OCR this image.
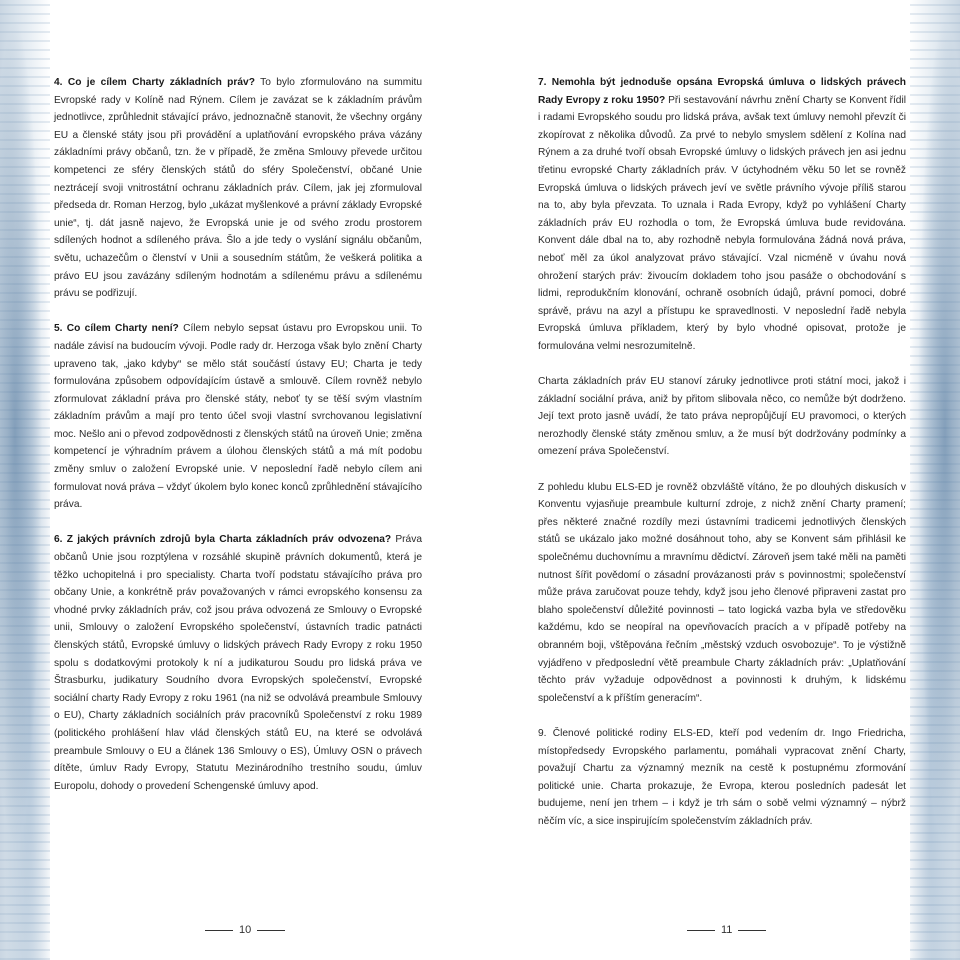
4. Co je cílem Charty základních práv? To bylo zformulováno na summitu Evropské rady v Kolíně nad Rýnem. Cílem je zavázat se k základním právům jednotlivce, zprůhlednit stávající právo, jednoznačně stanovit, že všechny orgány EU a členské státy jsou při provádění a uplatňování evropského práva vázány základními právy občanů, tzn. že v případě, že změna Smlouvy převede určitou kompetenci ze sféry členských států do sféry Společenství, občané Unie neztrácejí svoji vnitrostátní ochranu základních práv. Cílem, jak jej zformuloval předseda dr. Roman Herzog, bylo „ukázat myšlenkové a právní základy Evropské unie“, tj. dát jasně najevo, že Evropská unie je od svého zrodu prostorem sdílených hodnot a sdíleného práva. Šlo a jde tedy o vyslání signálu občanům, světu, uchazečům o členství v Unii a sousedním státům, že veškerá politika a právo EU jsou zavázány sdíleným hodnotám a sdílenému právu a sdílenému právu se podřizují.

5. Co cílem Charty není? Cílem nebylo sepsat ústavu pro Evropskou unii. To nadále závisí na budoucím vývoji. Podle rady dr. Herzoga však bylo znění Charty upraveno tak, „jako kdyby“ se mělo stát součástí ústavy EU; Charta je tedy formulována způsobem odpovídajícím ústavě a smlouvě. Cílem rovněž nebylo zformulovat základní práva pro členské státy, neboť ty se těší svým vlastním základním právům a mají pro tento účel svoji vlastní svrchovanou legislativní moc. Nešlo ani o převod zodpovědnosti z členských států na úroveň Unie; změna kompetencí je výhradním právem a úlohou členských států a má mít podobu změny smluv o založení Evropské unie. V neposlední řadě nebylo cílem ani formulovat nová práva – vždyť úkolem bylo konec konců zprůhlednění stávajícího práva.

6. Z jakých právních zdrojů byla Charta základních práv odvozena? Práva občanů Unie jsou rozptýlena v rozsáhlé skupině právních dokumentů, která je těžko uchopitelná i pro specialisty. Charta tvoří podstatu stávajícího práva pro občany Unie, a konkrétně práv považovaných v rámci evropského konsensu za vhodné prvky základních práv, což jsou práva odvozená ze Smlouvy o Evropské unii, Smlouvy o založení Evropského společenství, ústavních tradic patnácti členských států, Evropské úmluvy o lidských právech Rady Evropy z roku 1950 spolu s dodatkovými protokoly k ní a judikaturou Soudu pro lidská práva ve Štrasburku, judikatury Soudního dvora Evropských společenství, Evropské sociální charty Rady Evropy z roku 1961 (na niž se odvolává preambule Smlouvy o EU), Charty základních sociálních práv pracovníků Společenství z roku 1989 (politického prohlášení hlav vlád členských států EU, na které se odvolává preambule Smlouvy o EU a článek 136 Smlouvy o ES), Úmluvy OSN o právech dítěte, úmluv Rady Evropy, Statutu Mezinárodního trestního soudu, úmluv Europolu, dohody o provedení Schengenské úmluvy apod.

7. Nemohla být jednoduše opsána Evropská úmluva o lidských právech Rady Evropy z roku 1950? Při sestavování návrhu znění Charty se Konvent řídil i radami Evropského soudu pro lidská práva, avšak text úmluvy nemohl převzít či zkopírovat z několika důvodů. Za prvé to nebylo smyslem sdělení z Kolína nad Rýnem a za druhé tvoří obsah Evropské úmluvy o lidských právech jen asi jednu třetinu evropské Charty základních práv. V úctyhodném věku 50 let se rovněž Evropská úmluva o lidských právech jeví ve světle právního vývoje příliš starou na to, aby byla převzata. To uznala i Rada Evropy, když po vyhlášení Charty základních práv EU rozhodla o tom, že Evropská úmluva bude revidována. Konvent dále dbal na to, aby rozhodně nebyla formulována žádná nová práva, neboť měl za úkol analyzovat právo stávající. Vzal nicméně v úvahu nová ohrožení starých práv: živoucím dokladem toho jsou pasáže o obchodování s lidmi, reprodukčním klonování, ochraně osobních údajů, právní pomoci, dobré správě, právu na azyl a přístupu ke spravedlnosti. V neposlední řadě nebyla Evropská úmluva příkladem, který by bylo vhodné opisovat, protože je formulována velmi nesrozumitelně.

Charta základních práv EU stanoví záruky jednotlivce proti státní moci, jakož i základní sociální práva, aniž by přitom slibovala něco, co nemůže být dodrženo. Její text proto jasně uvádí, že tato práva nepropůjčují EU pravomoci, o kterých nerozhodly členské státy změnou smluv, a že musí být dodržovány podmínky a omezení práva Společenství.

Z pohledu klubu ELS-ED je rovněž obzvláště vítáno, že po dlouhých diskusích v Konventu vyjasňuje preambule kulturní zdroje, z nichž znění Charty pramení; přes některé značné rozdíly mezi ústavními tradicemi jednotlivých členských států se ukázalo jako možné dosáhnout toho, aby se Konvent sám přihlásil ke společnému duchovnímu a mravnímu dědictví. Zároveň jsem také měli na paměti nutnost šířit povědomí o zásadní provázanosti práv s povinnostmi; společenství může práva zaručovat pouze tehdy, když jsou jeho členové připraveni zastat pro blaho společenství důležité povinnosti – tato logická vazba byla ve středověku každému, kdo se neopíral na opevňovacích pracích a v případě potřeby na obranném boji, vštěpována řečním „městský vzduch osvobozuje“. To je výstižně vyjádřeno v předposlední větě preambule Charty základních práv: „Uplatňování těchto práv vyžaduje odpovědnost a povinnosti k druhým, k lidskému společenství a k příštím generacím“.

9. Členové politické rodiny ELS-ED, kteří pod vedením dr. Ingo Friedricha, místopředsedy Evropského parlamentu, pomáhali vypracovat znění Charty, považují Chartu za významný mezník na cestě k postupnému zformování politické unie. Charta prokazuje, že Evropa, kterou posledních padesát let budujeme, není jen trhem – i když je trh sám o sobě velmi významný – nýbrž něčím víc, a sice inspirujícím společenstvím základních práv.

10	11
